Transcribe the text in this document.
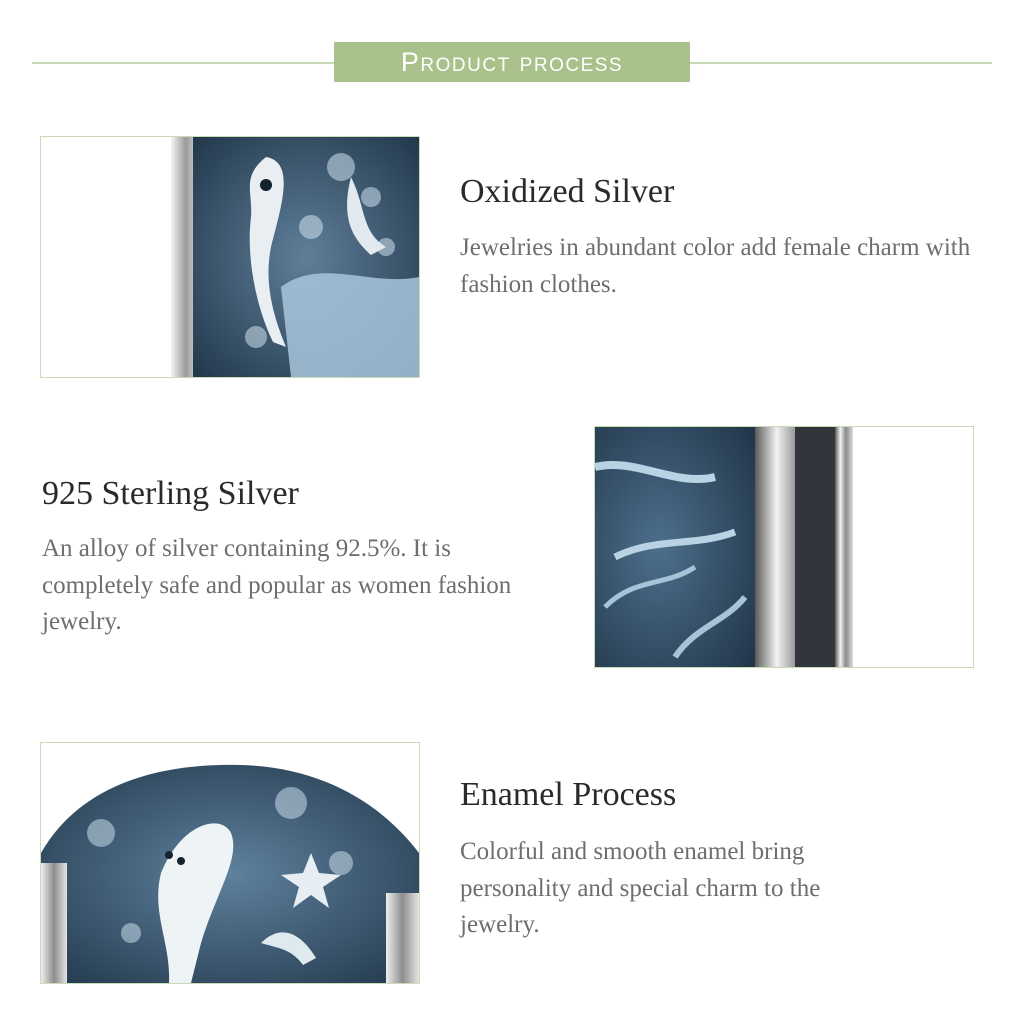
Product process
Oxidized Silver

Jewelries in abundant color add female charm with fashion clothes.

925 Sterling Silver

An alloy of silver containing 92.5%. It is completely safe and popular as women fashion jewelry.

Enamel Process

Colorful and smooth enamel bring personality and special charm to the jewelry.
